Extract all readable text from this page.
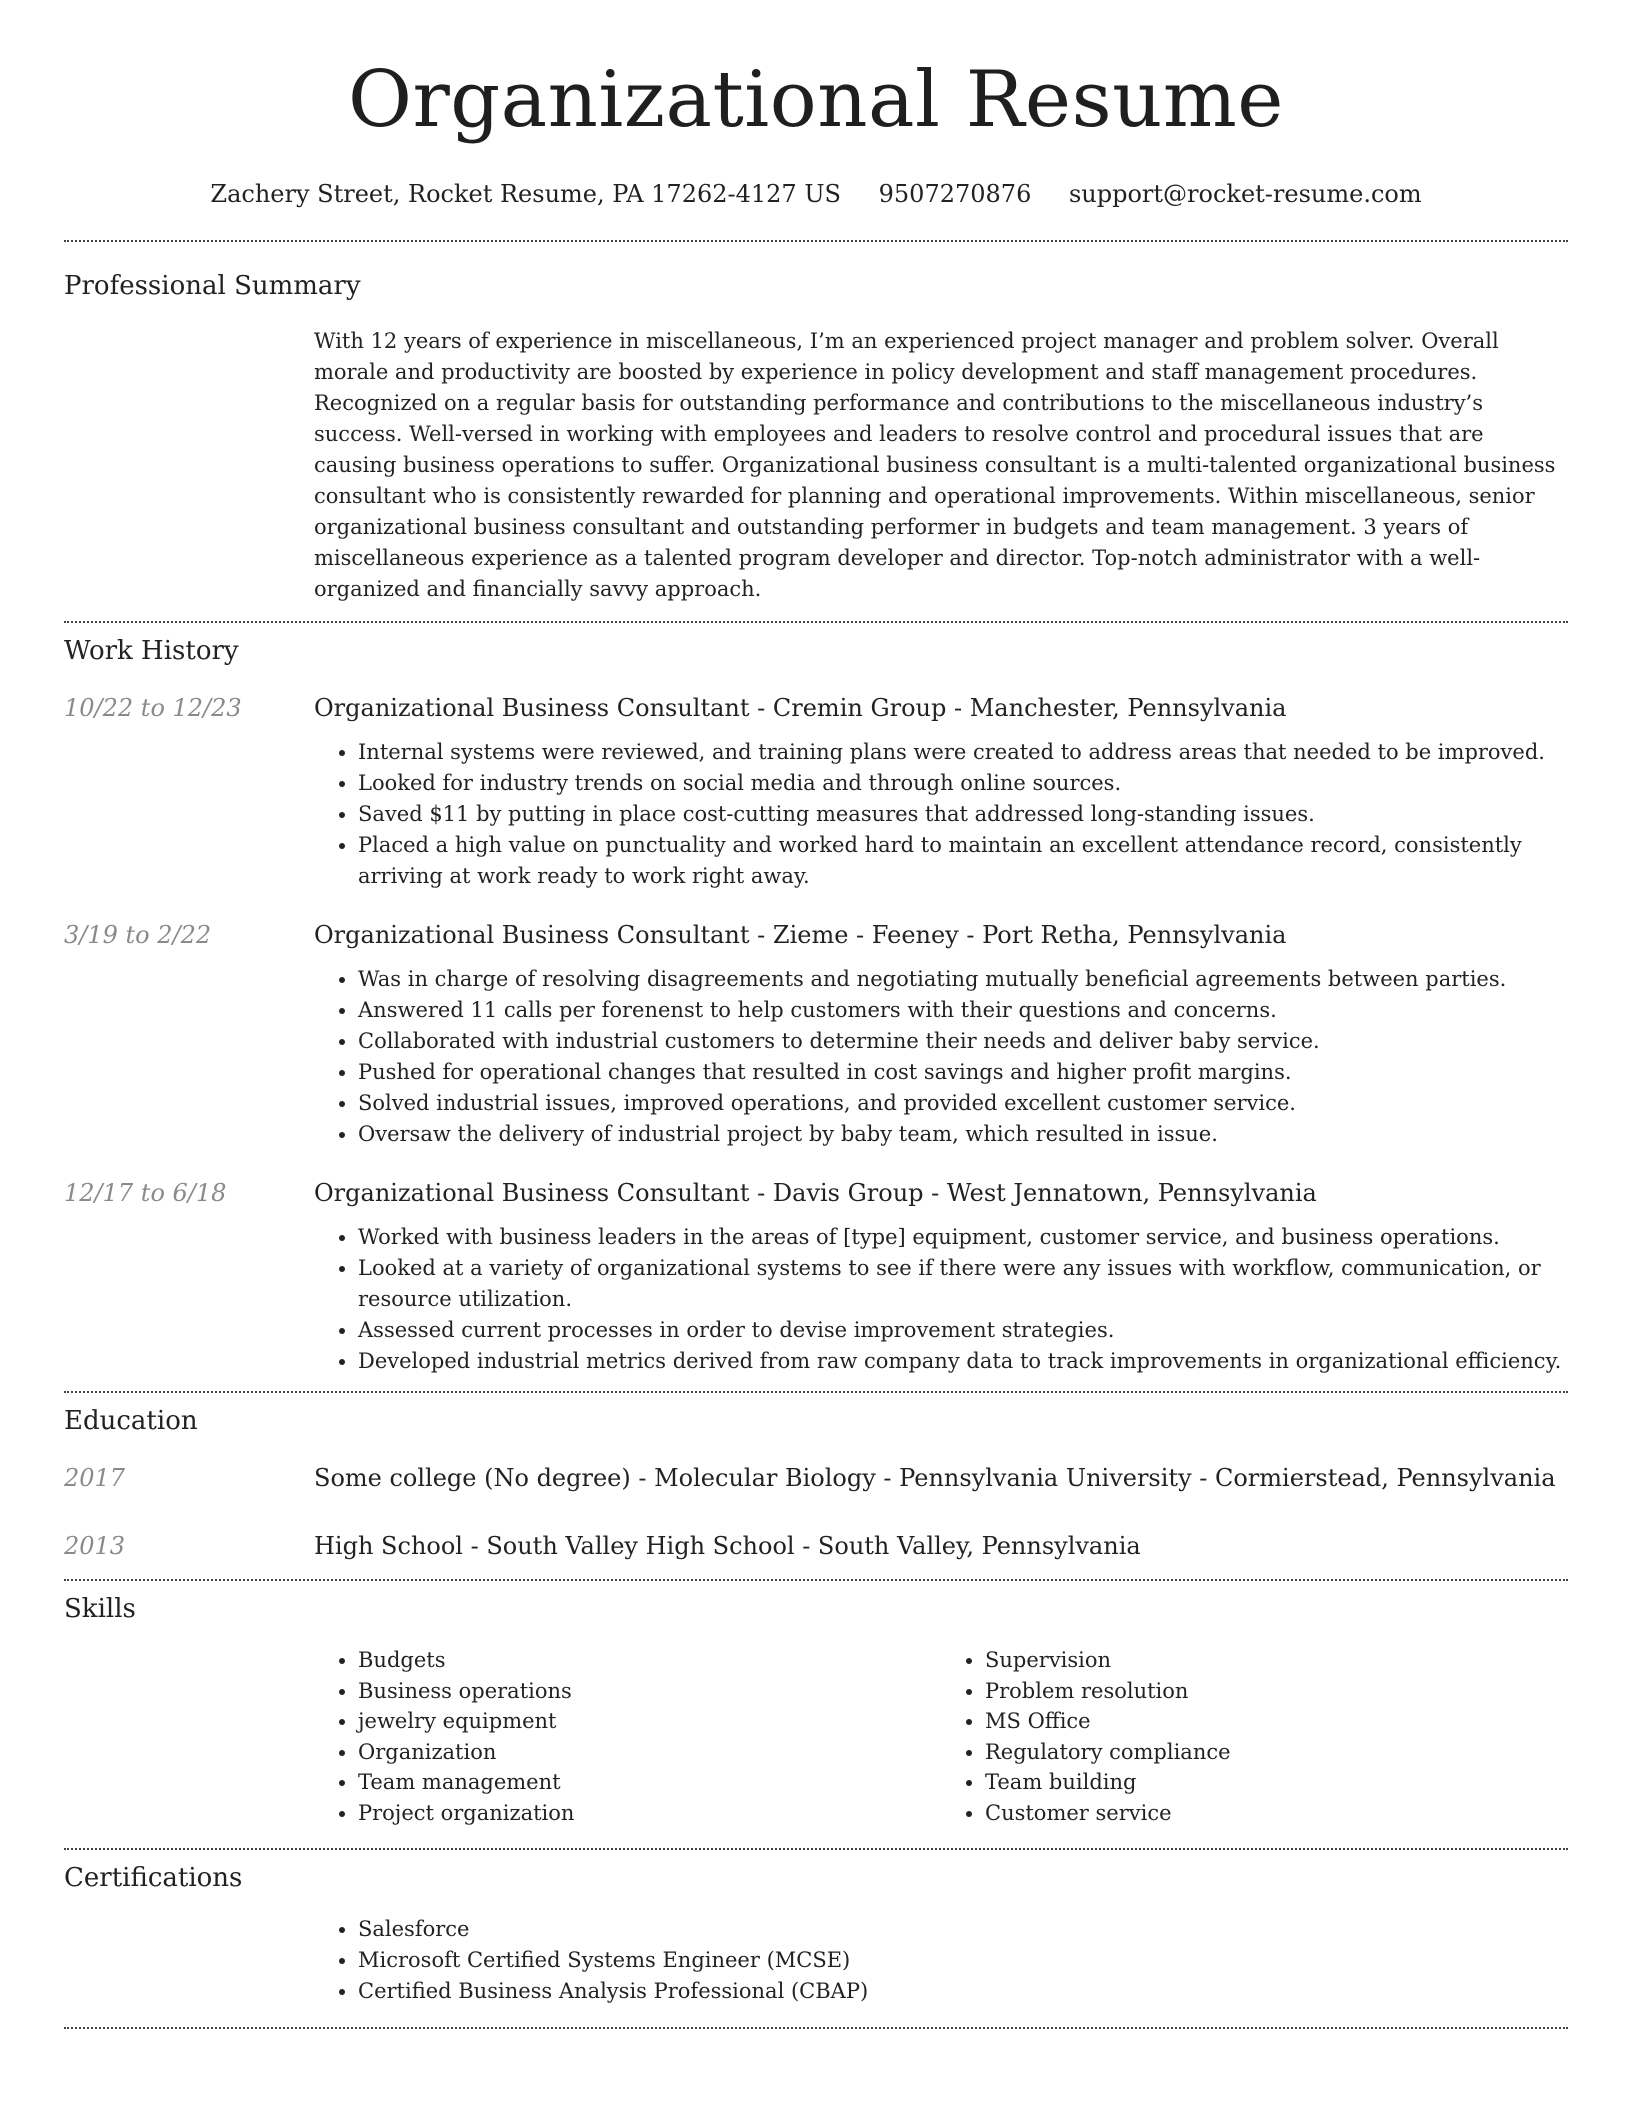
Organizational Resume
Zachery Street, Rocket Resume, PA 17262-4127 US 9507270876 support@rocket-resume.com
Professional Summary
With 12 years of experience in miscellaneous, I’m an experienced project manager and problem solver. Overall morale and productivity are boosted by experience in policy development and staff management procedures. Recognized on a regular basis for outstanding performance and contributions to the miscellaneous industry’s success. Well-versed in working with employees and leaders to resolve control and procedural issues that are causing business operations to suffer. Organizational business consultant is a multi-talented organizational business consultant who is consistently rewarded for planning and operational improvements. Within miscellaneous, senior organizational business consultant and outstanding performer in budgets and team management. 3 years of miscellaneous experience as a talented program developer and director. Top-notch administrator with a well-organized and financially savvy approach.
Work History
10/22 to 12/23	Organizational Business Consultant - Cremin Group - Manchester, Pennsylvania
• Internal systems were reviewed, and training plans were created to address areas that needed to be improved.
• Looked for industry trends on social media and through online sources.
• Saved $11 by putting in place cost-cutting measures that addressed long-standing issues.
• Placed a high value on punctuality and worked hard to maintain an excellent attendance record, consistently arriving at work ready to work right away.
3/19 to 2/22	Organizational Business Consultant - Zieme - Feeney - Port Retha, Pennsylvania
• Was in charge of resolving disagreements and negotiating mutually beneficial agreements between parties.
• Answered 11 calls per forenenst to help customers with their questions and concerns.
• Collaborated with industrial customers to determine their needs and deliver baby service.
• Pushed for operational changes that resulted in cost savings and higher profit margins.
• Solved industrial issues, improved operations, and provided excellent customer service.
• Oversaw the delivery of industrial project by baby team, which resulted in issue.
12/17 to 6/18	Organizational Business Consultant - Davis Group - West Jennatown, Pennsylvania
• Worked with business leaders in the areas of [type] equipment, customer service, and business operations.
• Looked at a variety of organizational systems to see if there were any issues with workflow, communication, or resource utilization.
• Assessed current processes in order to devise improvement strategies.
• Developed industrial metrics derived from raw company data to track improvements in organizational efficiency.
Education
2017	Some college (No degree) - Molecular Biology - Pennsylvania University - Cormierstead, Pennsylvania
2013	High School - South Valley High School - South Valley, Pennsylvania
Skills
• Budgets
• Business operations
• jewelry equipment
• Organization
• Team management
• Project organization
• Supervision
• Problem resolution
• MS Office
• Regulatory compliance
• Team building
• Customer service
Certifications
• Salesforce
• Microsoft Certified Systems Engineer (MCSE)
• Certified Business Analysis Professional (CBAP)
